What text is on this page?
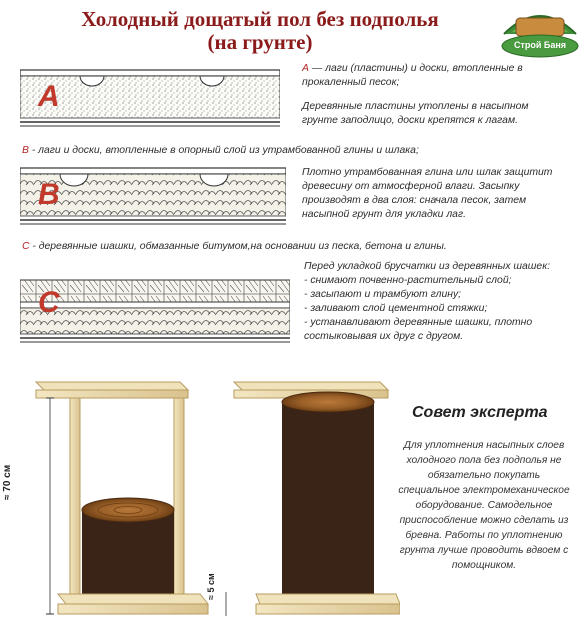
Холодный дощатый пол без подполья
(на грунте)	Строй Баня
A
А — лаги (пластины) и доски, втопленные в прокаленный песок;
Деревянные пластины утоплены в насыпном грунте заподлицо, доски крепятся к лагам.
В - лаги и доски, втопленные в опорный слой из утрамбованной глины и шлака;
B
Плотно утрамбованная глина или шлак защитит древесину от атмосферной влаги. Засыпку производят в два слоя: сначала песок, затем насыпной грунт для укладки лаг.
С - деревянные шашки, обмазанные битумом,на основании из песка, бетона и глины.
C
Перед укладкой брусчатки из деревянных шашек:
- снимают почвенно-растительный слой;
- засыпают и трамбуют глину;
- заливают слой цементной стяжки;
- устанавливают деревянные шашки, плотно состыковывая их друг с другом.
≈ 70 см
≈ 5 см
Совет эксперта
Для уплотнения насыпных слоев холодного пола без подполья не обязательно покупать специальное электромеханическое оборудование. Самодельное приспособление можно сделать из бревна. Работы по уплотнению грунта лучше проводить вдвоем с помощником.
